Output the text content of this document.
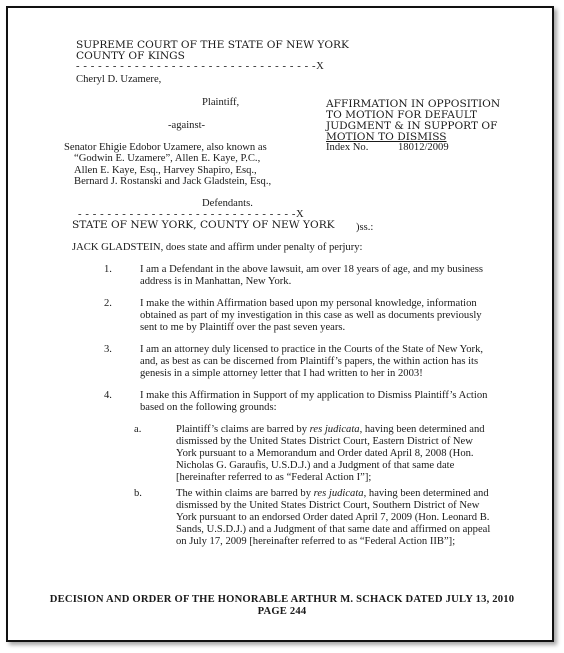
SUPREME COURT OF THE STATE OF NEW YORK
COUNTY OF KINGS
- - - - - - - - - - - - - - - - - - - - - - - - - - - - - - - - -X
Cheryl D. Uzamere,
Plaintiff,
-against-
Senator Ehigie Edobor Uzamere, also known as
“Godwin E. Uzamere”, Allen E. Kaye, P.C.,
Allen E. Kaye, Esq., Harvey Shapiro, Esq.,
Bernard J. Rostanski and Jack Gladstein, Esq.,
Defendants.
- - - - - - - - - - - - - - - - - - - - - - - - - - - - - -X
STATE OF NEW YORK, COUNTY OF NEW YORK )ss.:
AFFIRMATION IN OPPOSITION
TO MOTION FOR DEFAULT
JUDGMENT & IN SUPPORT OF
MOTION TO DISMISS
Index No.	18012/2009
JACK GLADSTEIN, does state and affirm under penalty of perjury:
1.	I am a Defendant in the above lawsuit, am over 18 years of age, and my business
address is in Manhattan, New York.
2.	I make the within Affirmation based upon my personal knowledge, information
obtained as part of my investigation in this case as well as documents previously
sent to me by Plaintiff over the past seven years.
3.	I am an attorney duly licensed to practice in the Courts of the State of New York,
and, as best as can be discerned from Plaintiff’s papers, the within action has its
genesis in a simple attorney letter that I had written to her in 2003!
4.	I make this Affirmation in Support of my application to Dismiss Plaintiff’s Action
based on the following grounds:
a.	Plaintiff’s claims are barred by res judicata, having been determined and
dismissed by the United States District Court, Eastern District of New
York pursuant to a Memorandum and Order dated April 8, 2008 (Hon.
Nicholas G. Garaufis, U.S.D.J.) and a Judgment of that same date
[hereinafter referred to as “Federal Action I”];
b.	The within claims are barred by res judicata, having been determined and
dismissed by the United States District Court, Southern District of New
York pursuant to an endorsed Order dated April 7, 2009 (Hon. Leonard B.
Sands, U.S.D.J.) and a Judgment of that same date and affirmed on appeal
on July 17, 2009 [hereinafter referred to as “Federal Action IIB”];
DECISION AND ORDER OF THE HONORABLE ARTHUR M. SCHACK DATED JULY 13, 2010
PAGE 244
